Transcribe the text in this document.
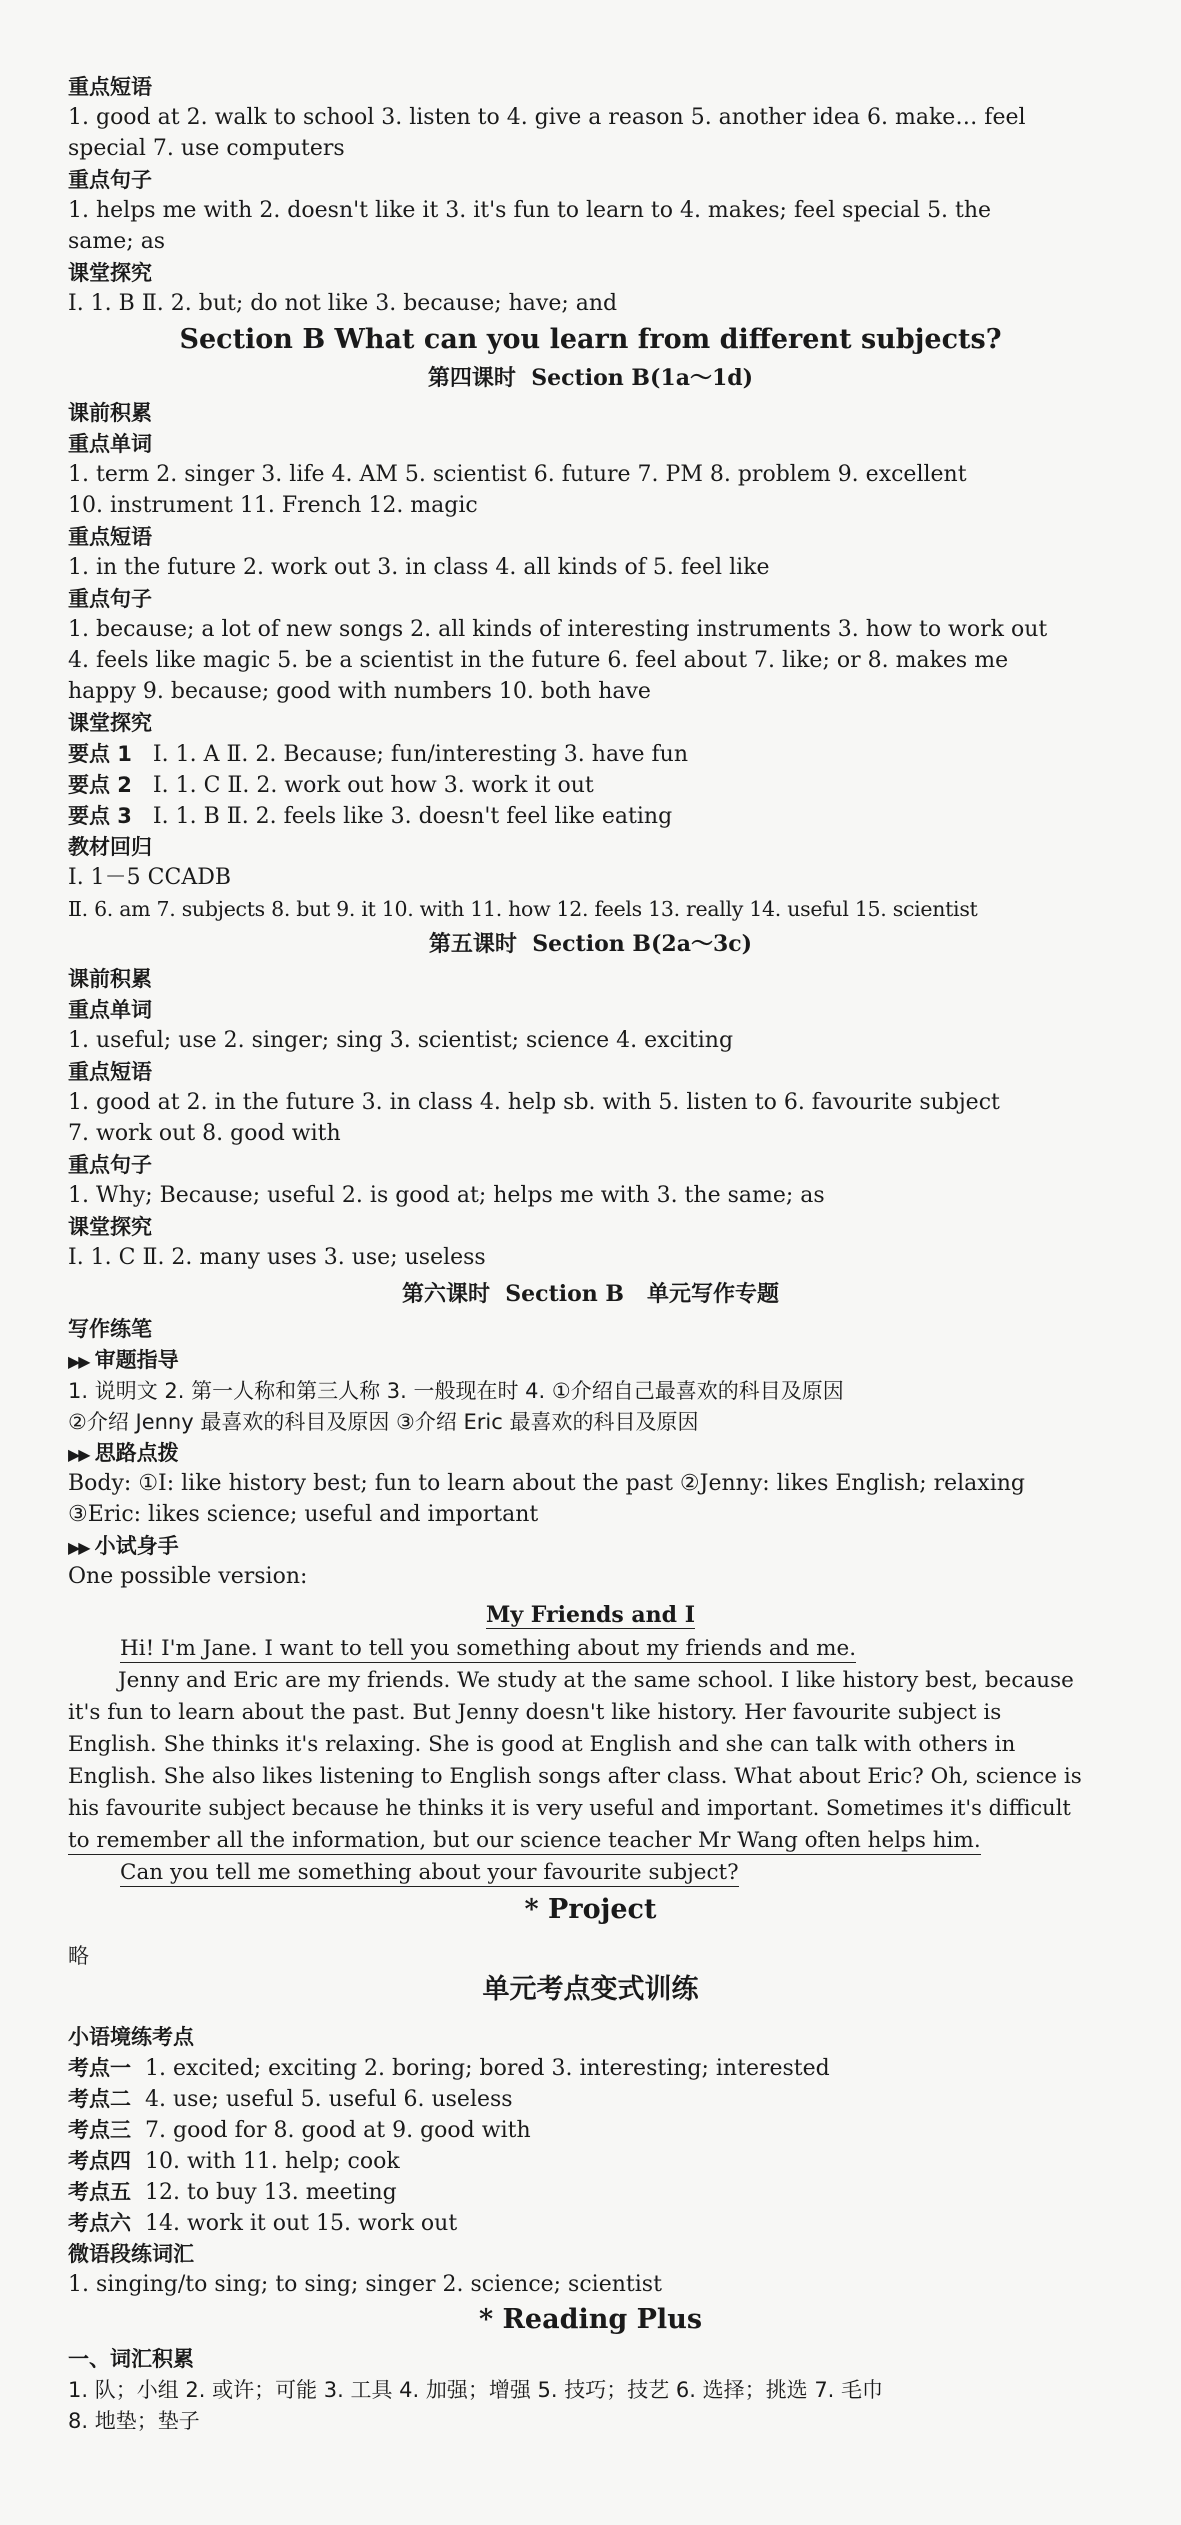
重点短语
1. good at 2. walk to school 3. listen to 4. give a reason 5. another idea 6. make… feel
special 7. use computers
重点句子
1. helps me with 2. doesn't like it 3. it's fun to learn to 4. makes; feel special 5. the
same; as
课堂探究
Ⅰ. 1. B Ⅱ. 2. but; do not like 3. because; have; and
Section B What can you learn from different subjects?
第四课时 Section B(1a～1d)
课前积累
重点单词
1. term 2. singer 3. life 4. AM 5. scientist 6. future 7. PM 8. problem 9. excellent
10. instrument 11. French 12. magic
重点短语
1. in the future 2. work out 3. in class 4. all kinds of 5. feel like
重点句子
1. because; a lot of new songs 2. all kinds of interesting instruments 3. how to work out
4. feels like magic 5. be a scientist in the future 6. feel about 7. like; or 8. makes me
happy 9. because; good with numbers 10. both have
课堂探究
要点 1 Ⅰ. 1. A Ⅱ. 2. Because; fun/interesting 3. have fun
要点 2 Ⅰ. 1. C Ⅱ. 2. work out how 3. work it out
要点 3 Ⅰ. 1. B Ⅱ. 2. feels like 3. doesn't feel like eating
教材回归
Ⅰ. 1－5 CCADB
Ⅱ. 6. am 7. subjects 8. but 9. it 10. with 11. how 12. feels 13. really 14. useful 15. scientist
第五课时 Section B(2a～3c)
课前积累
重点单词
1. useful; use 2. singer; sing 3. scientist; science 4. exciting
重点短语
1. good at 2. in the future 3. in class 4. help sb. with 5. listen to 6. favourite subject
7. work out 8. good with
重点句子
1. Why; Because; useful 2. is good at; helps me with 3. the same; as
课堂探究
Ⅰ. 1. C Ⅱ. 2. many uses 3. use; useless
第六课时 Section B 单元写作专题
写作练笔
▶▶ 审题指导
1. 说明文 2. 第一人称和第三人称 3. 一般现在时 4. ①介绍自己最喜欢的科目及原因
②介绍 Jenny 最喜欢的科目及原因 ③介绍 Eric 最喜欢的科目及原因
▶▶ 思路点拨
Body: ①I: like history best; fun to learn about the past ②Jenny: likes English; relaxing
③Eric: likes science; useful and important
▶▶ 小试身手
One possible version:
My Friends and I
Hi! I'm Jane. I want to tell you something about my friends and me.
Jenny and Eric are my friends. We study at the same school. I like history best, because
it's fun to learn about the past. But Jenny doesn't like history. Her favourite subject is
English. She thinks it's relaxing. She is good at English and she can talk with others in
English. She also likes listening to English songs after class. What about Eric? Oh, science is
his favourite subject because he thinks it is very useful and important. Sometimes it's difficult
to remember all the information, but our science teacher Mr Wang often helps him.
Can you tell me something about your favourite subject?
* Project
略
单元考点变式训练
小语境练考点
考点一 1. excited; exciting 2. boring; bored 3. interesting; interested
考点二 4. use; useful 5. useful 6. useless
考点三 7. good for 8. good at 9. good with
考点四 10. with 11. help; cook
考点五 12. to buy 13. meeting
考点六 14. work it out 15. work out
微语段练词汇
1. singing/to sing; to sing; singer 2. science; scientist
* Reading Plus
一、词汇积累
1. 队；小组 2. 或许；可能 3. 工具 4. 加强；增强 5. 技巧；技艺 6. 选择；挑选 7. 毛巾
8. 地垫；垫子
